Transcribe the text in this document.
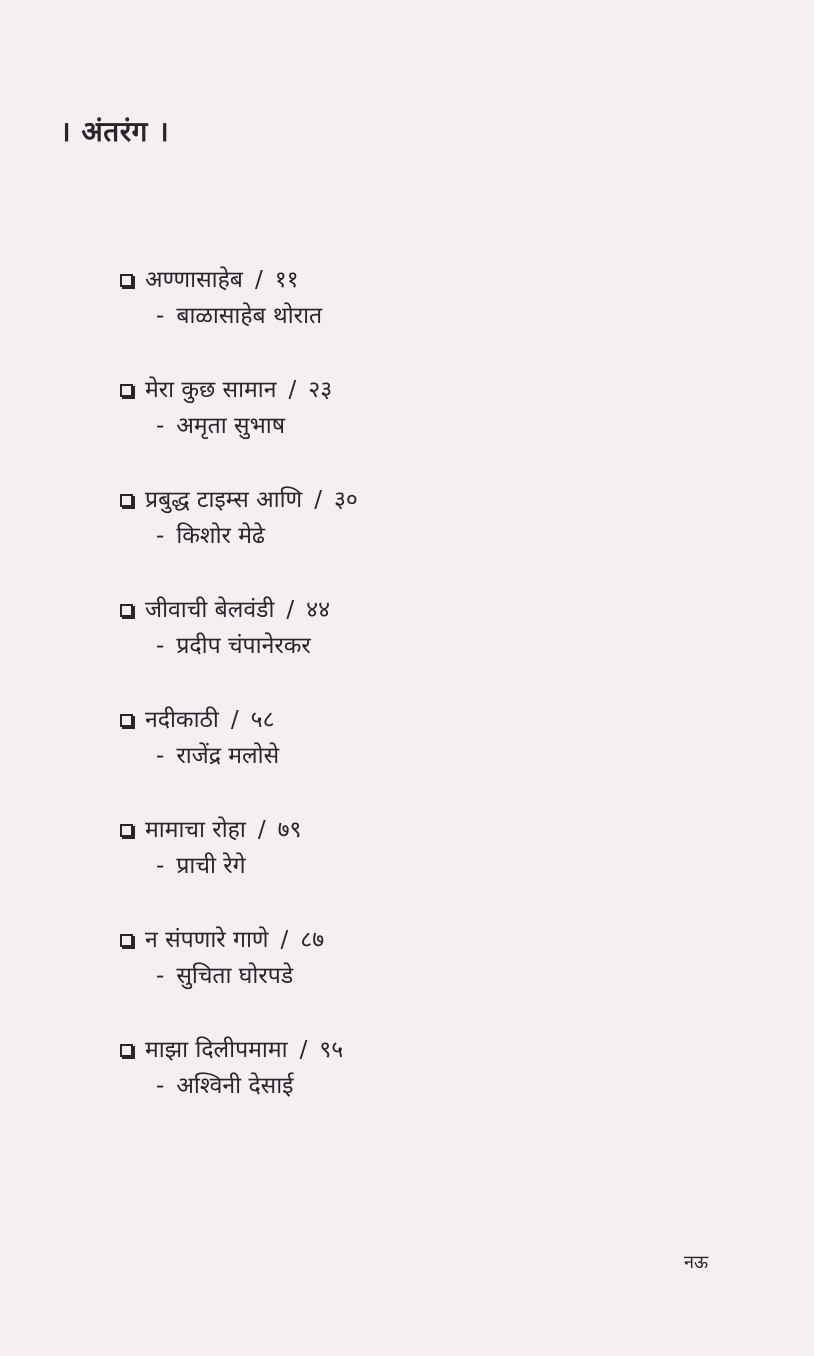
। अंतरंग ।
अण्णासाहेब / ११
- बाळासाहेब थोरात
मेरा कुछ सामान / २३
- अमृता सुभाष
प्रबुद्ध टाइम्स आणि / ३०
- किशोर मेढे
जीवाची बेलवंडी / ४४
- प्रदीप चंपानेरकर
नदीकाठी / ५८
- राजेंद्र मलोसे
मामाचा रोहा / ७९
- प्राची रेगे
न संपणारे गाणे / ८७
- सुचिता घोरपडे
माझा दिलीपमामा / ९५
- अश्विनी देसाई
नऊ
